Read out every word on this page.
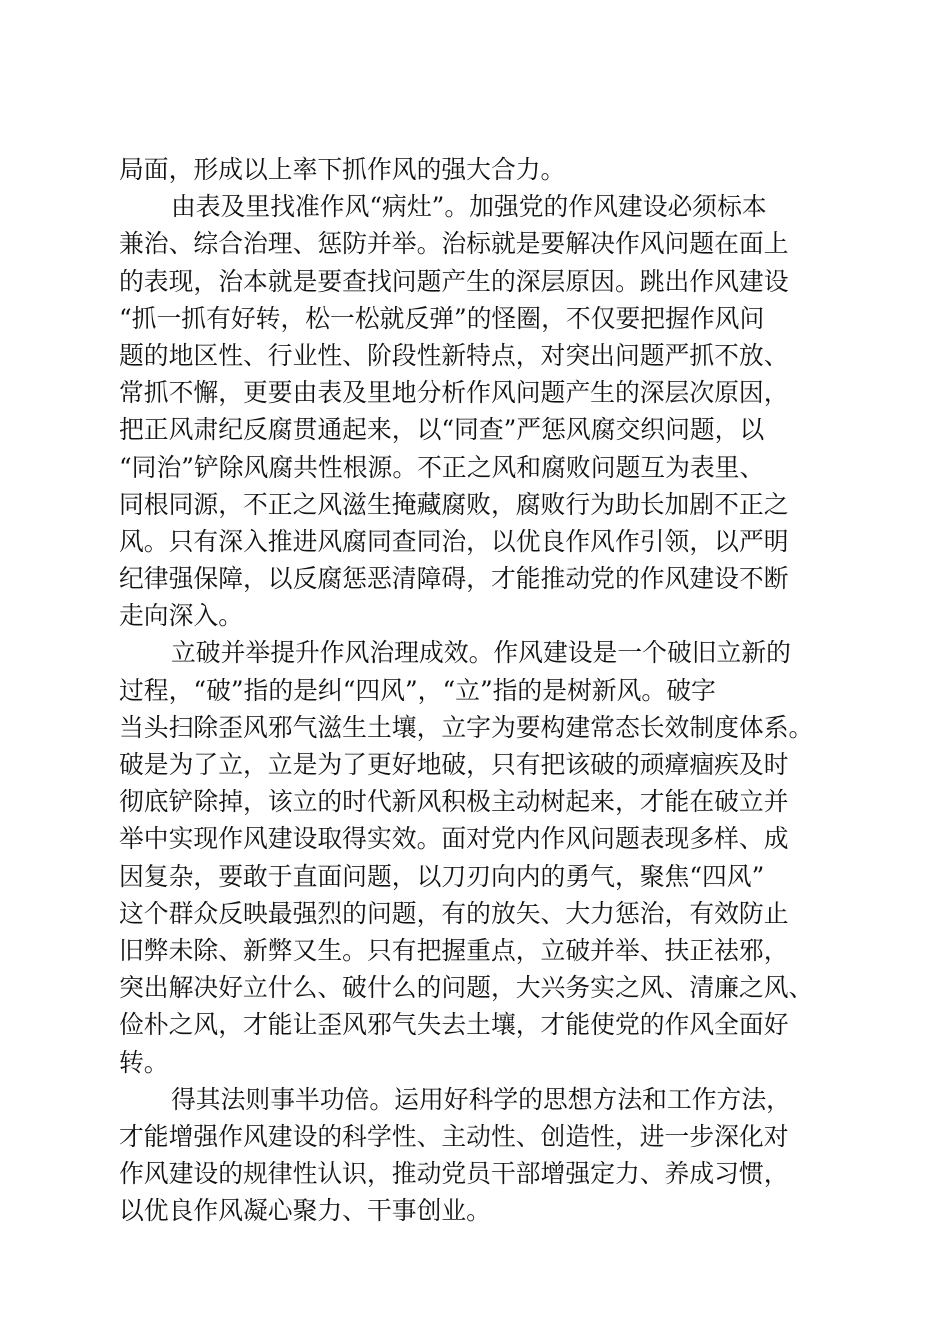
局面，形成以上率下抓作风的强大合力。
由表及里找准作风“病灶”。加强党的作风建设必须标本
兼治、综合治理、惩防并举。治标就是要解决作风问题在面上
的表现，治本就是要查找问题产生的深层原因。跳出作风建设
“抓一抓有好转，松一松就反弹”的怪圈，不仅要把握作风问
题的地区性、行业性、阶段性新特点，对突出问题严抓不放、
常抓不懈，更要由表及里地分析作风问题产生的深层次原因，
把正风肃纪反腐贯通起来，以“同查”严惩风腐交织问题，以
“同治”铲除风腐共性根源。不正之风和腐败问题互为表里、
同根同源，不正之风滋生掩藏腐败，腐败行为助长加剧不正之
风。只有深入推进风腐同查同治，以优良作风作引领，以严明
纪律强保障，以反腐惩恶清障碍，才能推动党的作风建设不断
走向深入。
立破并举提升作风治理成效。作风建设是一个破旧立新的
过程，“破”指的是纠“四风”，“立”指的是树新风。破字
当头扫除歪风邪气滋生土壤，立字为要构建常态长效制度体系。
破是为了立，立是为了更好地破，只有把该破的顽瘴痼疾及时
彻底铲除掉，该立的时代新风积极主动树起来，才能在破立并
举中实现作风建设取得实效。面对党内作风问题表现多样、成
因复杂，要敢于直面问题，以刀刃向内的勇气，聚焦“四风”
这个群众反映最强烈的问题，有的放矢、大力惩治，有效防止
旧弊未除、新弊又生。只有把握重点，立破并举、扶正祛邪，
突出解决好立什么、破什么的问题，大兴务实之风、清廉之风、
俭朴之风，才能让歪风邪气失去土壤，才能使党的作风全面好
转。
得其法则事半功倍。运用好科学的思想方法和工作方法，
才能增强作风建设的科学性、主动性、创造性，进一步深化对
作风建设的规律性认识，推动党员干部增强定力、养成习惯，
以优良作风凝心聚力、干事创业。
